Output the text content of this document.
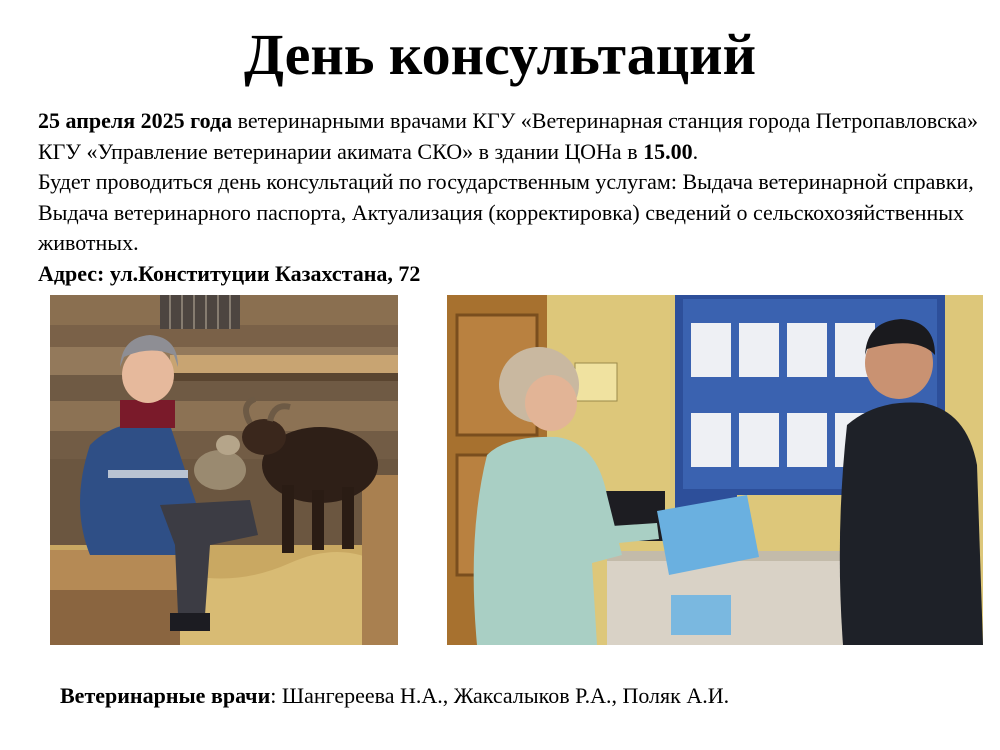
День консультаций

25 апреля 2025 года ветеринарными врачами КГУ «Ветеринарная станция города Петропавловска» КГУ «Управление ветеринарии акимата СКО» в здании ЦОНа в 15.00.

Будет проводиться день консультаций по государственным услугам: Выдача ветеринарной справки, Выдача ветеринарного паспорта, Актуализация (корректировка) сведений о сельскохозяйственных животных.

Адрес: ул.Конституции Казахстана, 72

Ветеринарные врачи: Шангереева Н.А., Жаксалыков Р.А., Поляк А.И.
